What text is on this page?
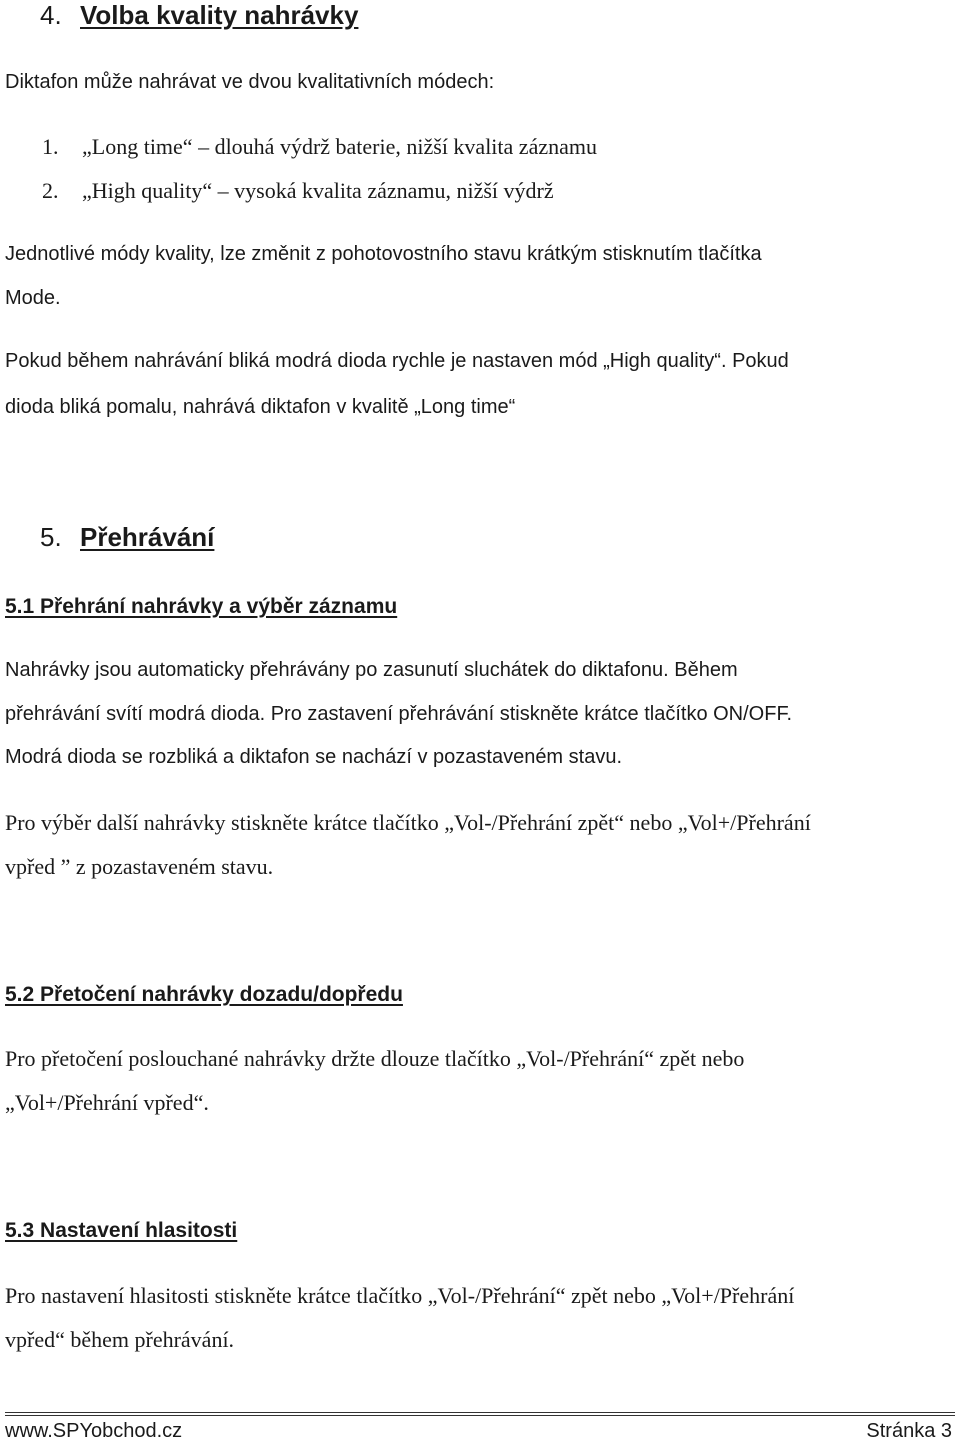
4. Volba kvality nahrávky
Diktafon může nahrávat ve dvou kvalitativních módech:
1. „Long time“ – dlouhá výdrž baterie, nižší kvalita záznamu
2. „High quality“ – vysoká kvalita záznamu, nižší výdrž
Jednotlivé módy kvality, lze změnit z pohotovostního stavu krátkým stisknutím tlačítka
Mode.
Pokud během nahrávání bliká modrá dioda rychle je nastaven mód „High quality“. Pokud
dioda bliká pomalu, nahrává diktafon v kvalitě „Long time“
5. Přehrávání
5.1 Přehrání nahrávky a výběr záznamu
Nahrávky jsou automaticky přehrávány po zasunutí sluchátek do diktafonu. Během
přehrávání svítí modrá dioda. Pro zastavení přehrávání stiskněte krátce tlačítko ON/OFF.
Modrá dioda se rozbliká a diktafon se nachází v pozastaveném stavu.
Pro výběr další nahrávky stiskněte krátce tlačítko „Vol-/Přehrání zpět“ nebo „Vol+/Přehrání
vpřed ” z pozastaveném stavu.
5.2 Přetočení nahrávky dozadu/dopředu
Pro přetočení poslouchané nahrávky držte dlouze tlačítko „Vol-/Přehrání“ zpět nebo
„Vol+/Přehrání vpřed“.
5.3 Nastavení hlasitosti
Pro nastavení hlasitosti stiskněte krátce tlačítko „Vol-/Přehrání“ zpět nebo „Vol+/Přehrání
vpřed“ během přehrávání.
www.SPYobchod.cz	Stránka 3
